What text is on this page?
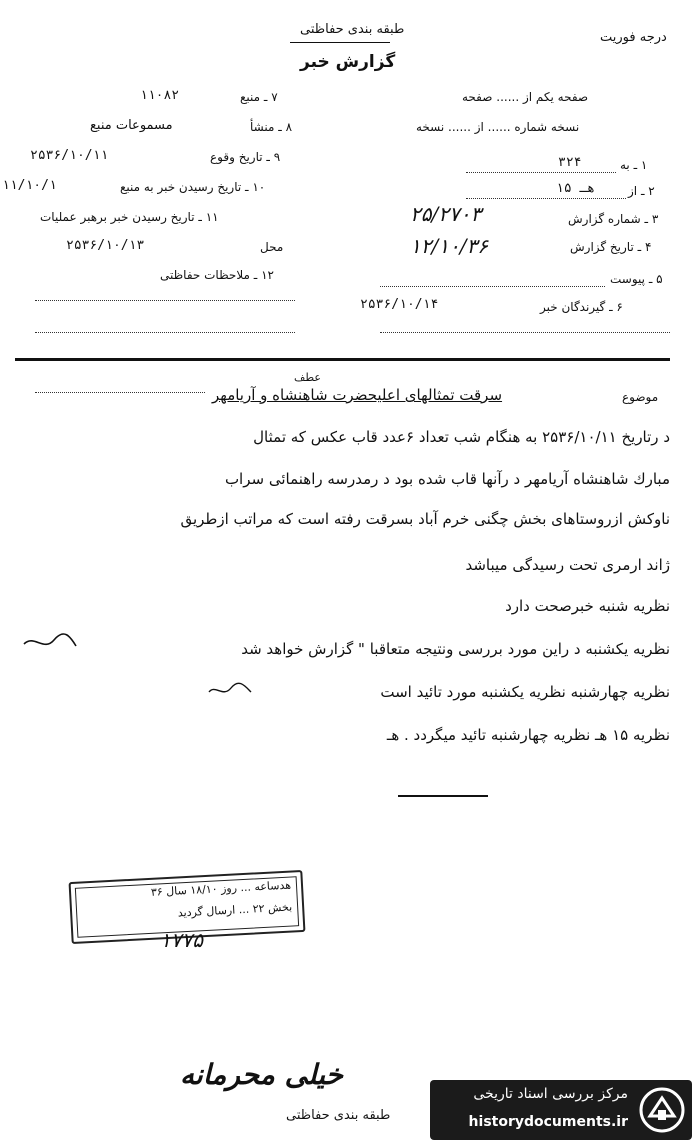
طبقه بندی حفاظتی
درجه فوریت
گزارش خبر
صفحه یکم از ...... صفحه
نسخه شماره ...... از ...... نسخه
۱ ـ به
۳۲۴
۲ ـ از
۱۵ هـ
۳ ـ شماره گزارش
۲۵/۲۷۰۳
۴ ـ تاریخ گزارش
۱۲/۱۰/۳۶
۵ ـ پیوست
۶ ـ گیرندگان خبر
۲۵۳۶/۱۰/۱۴
۷ ـ منبع
۱۱۰۸۲
۸ ـ منشأ
مسموعات منبع
۹ ـ تاریخ وقوع
۲۵۳۶/۱۰/۱۱
۱۰ ـ تاریخ رسیدن خبر به منبع
۱۱/۱۰/۱
۱۱ ـ تاریخ رسیدن خبر برهبر عملیات
محل
۲۵۳۶/۱۰/۱۳
۱۲ ـ ملاحظات حفاظتی
موضوع
عطف
سرقت تمثالهای اعلیحضرت شاهنشاه و آریامهر
د رتاریخ ۲۵۳۶/۱۰/۱۱ به هنگام شب تعداد ۶عدد قاب عکس که تمثال
مبارك شاهنشاه آریامهر د رآنها قاب شده بود د رمدرسه راهنمائی سراب
ناوکش ازروستاهای بخش چگنی خرم آباد بسرقت رفته است که مراتب ازطریق
ژاند ارمری تحت رسیدگی میباشد
نظریه شنبه خبرصحت دارد
نظریه یکشنبه د راین مورد بررسی ونتیجه متعاقبا " گزارش خواهد شد
نظریه چهارشنبه نظریه یکشنبه مورد تائید است
نظریه ۱۵ هـ نظریه چهارشنبه تائید میگردد . هـ
هدساعه ... روز ۱۸/۱۰ سال ۳۶
بخش ۲۲ ... ارسال گردید
۱۷۷۵
خیلی محرمانه
طبقه بندی حفاظتی
مرکز بررسی اسناد تاریخی
historydocuments.ir
